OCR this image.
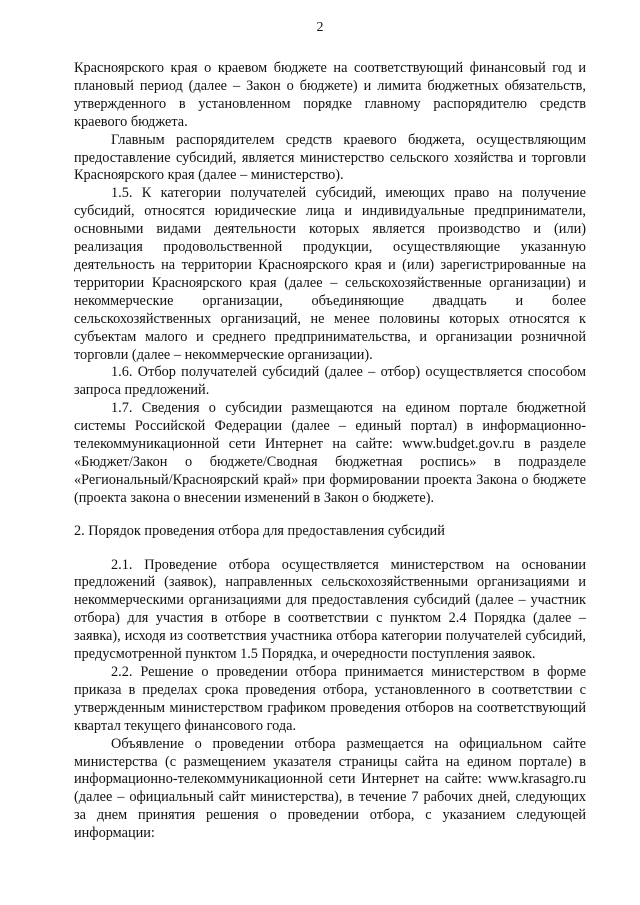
2

Красноярского края о краевом бюджете на соответствующий финансовый год и плановый период (далее – Закон о бюджете) и лимита бюджетных обязательств, утвержденного в установленном порядке главному распорядителю средств краевого бюджета.

Главным распорядителем средств краевого бюджета, осуществляющим предоставление субсидий, является министерство сельского хозяйства и торговли Красноярского края (далее – министерство).

1.5. К категории получателей субсидий, имеющих право на получение субсидий, относятся юридические лица и индивидуальные предприниматели, основными видами деятельности которых является производство и (или) реализация продовольственной продукции, осуществляющие указанную деятельность на территории Красноярского края и (или) зарегистрированные на территории Красноярского края (далее – сельскохозяйственные организации) и некоммерческие организации, объединяющие двадцать и более сельскохозяйственных организаций, не менее половины которых относятся к субъектам малого и среднего предпринимательства, и организации розничной торговли (далее – некоммерческие организации).

1.6. Отбор получателей субсидий (далее – отбор) осуществляется способом запроса предложений.

1.7. Сведения о субсидии размещаются на едином портале бюджетной системы Российской Федерации (далее – единый портал) в информационно-телекоммуникационной сети Интернет на сайте: www.budget.gov.ru в разделе «Бюджет/Закон о бюджете/Сводная бюджетная роспись» в подразделе «Региональный/Красноярский край» при формировании проекта Закона о бюджете (проекта закона о внесении изменений в Закон о бюджете).

2. Порядок проведения отбора для предоставления субсидий

2.1. Проведение отбора осуществляется министерством на основании предложений (заявок), направленных сельскохозяйственными организациями и некоммерческими организациями для предоставления субсидий (далее – участник отбора) для участия в отборе в соответствии с пунктом 2.4 Порядка (далее – заявка), исходя из соответствия участника отбора категории получателей субсидий, предусмотренной пунктом 1.5 Порядка, и очередности поступления заявок.

2.2. Решение о проведении отбора принимается министерством в форме приказа в пределах срока проведения отбора, установленного в соответствии с утвержденным министерством графиком проведения отборов на соответствующий квартал текущего финансового года.

Объявление о проведении отбора размещается на официальном сайте министерства (с размещением указателя страницы сайта на едином портале) в информационно-телекоммуникационной сети Интернет на сайте: www.krasagro.ru (далее – официальный сайт министерства), в течение 7 рабочих дней, следующих за днем принятия решения о проведении отбора, с указанием следующей информации:
